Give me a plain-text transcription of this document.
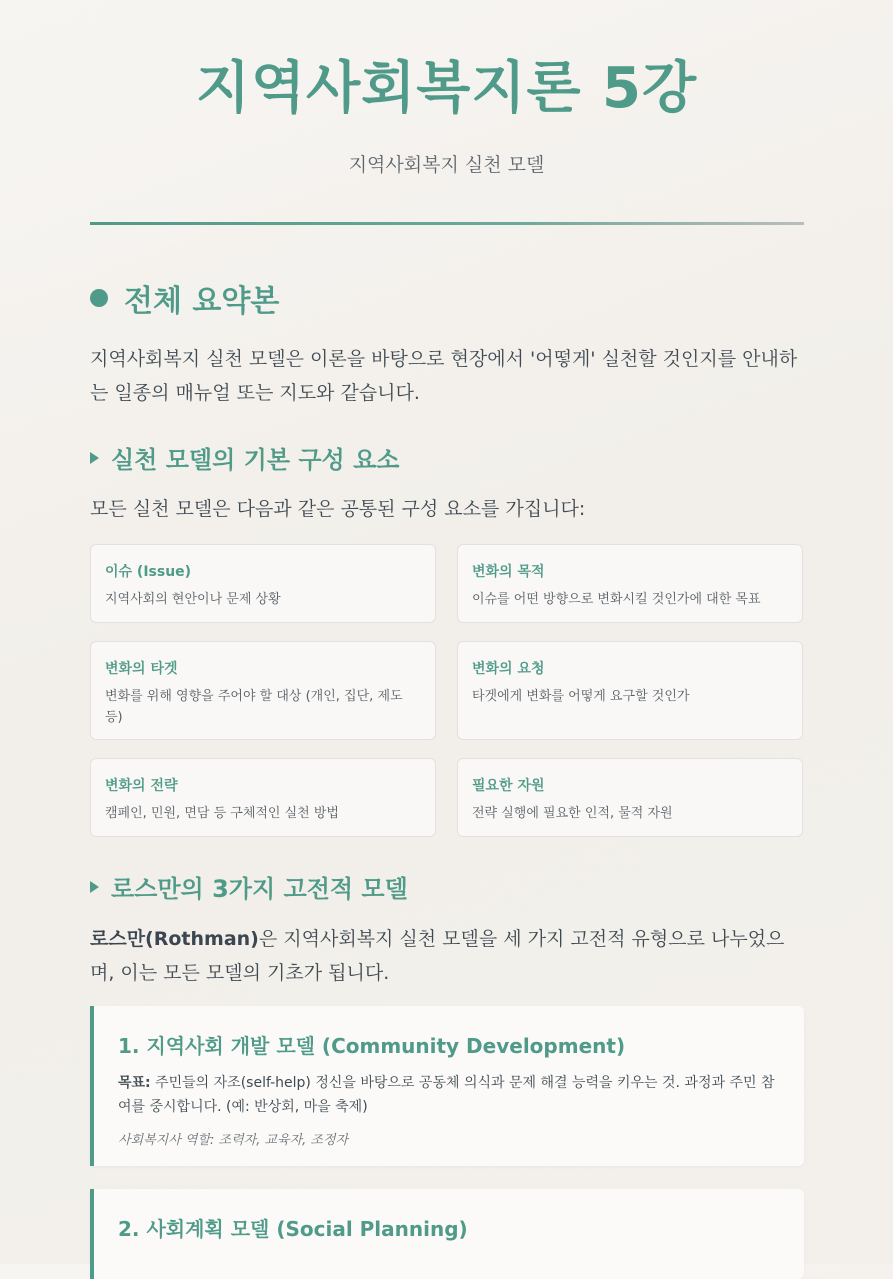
지역사회복지론 5강

지역사회복지 실천 모델

전체 요약본

지역사회복지 실천 모델은 이론을 바탕으로 현장에서 '어떻게' 실천할 것인지를 안내하는 일종의 매뉴얼 또는 지도와 같습니다.

실천 모델의 기본 구성 요소

모든 실천 모델은 다음과 같은 공통된 구성 요소를 가집니다:

이슈 (Issue)
지역사회의 현안이나 문제 상황
변화의 목적
이슈를 어떤 방향으로 변화시킬 것인가에 대한 목표
변화의 타겟
변화를 위해 영향을 주어야 할 대상 (개인, 집단, 제도 등)
변화의 요청
타겟에게 변화를 어떻게 요구할 것인가
변화의 전략
캠페인, 민원, 면담 등 구체적인 실천 방법
필요한 자원
전략 실행에 필요한 인적, 물적 자원
로스만의 3가지 고전적 모델

로스만(Rothman)은 지역사회복지 실천 모델을 세 가지 고전적 유형으로 나누었으며, 이는 모든 모델의 기초가 됩니다.

1. 지역사회 개발 모델 (Community Development)
목표: 주민들의 자조(self-help) 정신을 바탕으로 공동체 의식과 문제 해결 능력을 키우는 것. 과정과 주민 참여를 중시합니다. (예: 반상회, 마을 축제)
사회복지사 역할: 조력자, 교육자, 조정자
2. 사회계획 모델 (Social Planning)
